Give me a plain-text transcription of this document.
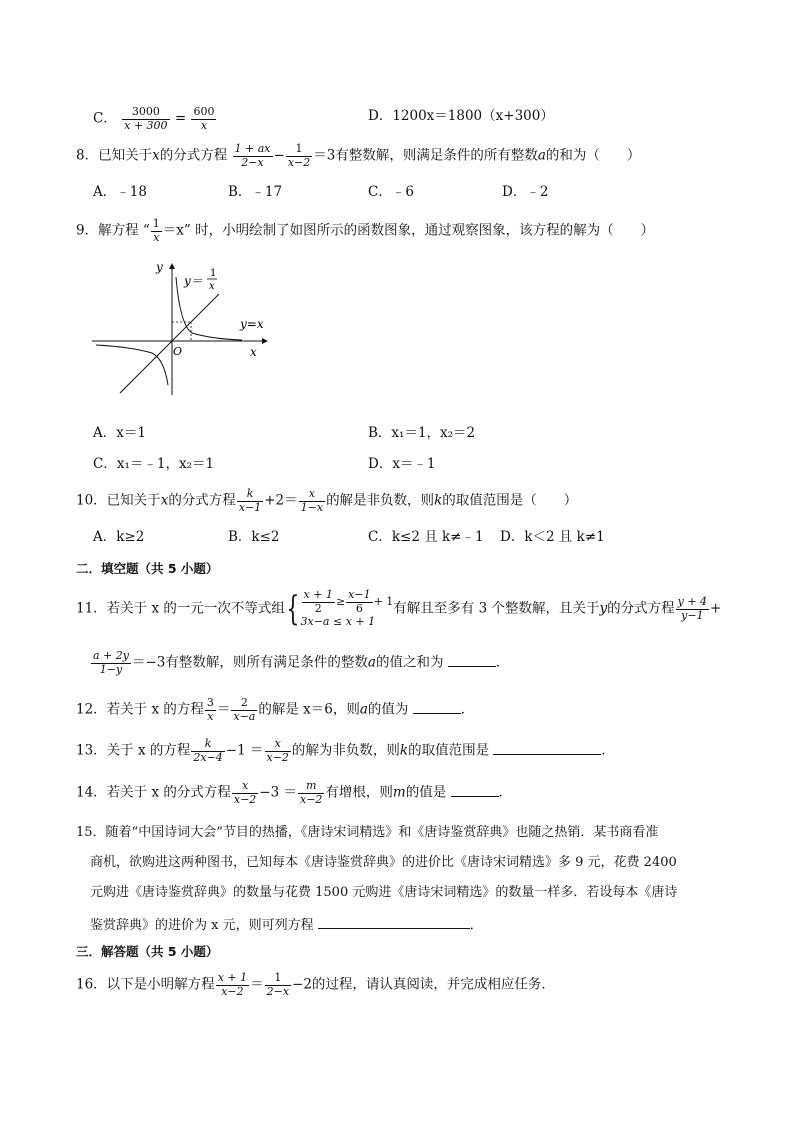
C． $\frac{3000}{x + 300} = \frac{600}{x}$	D．1200x＝1800（x+300）
8．已知关于x的分式方程 $\frac{1 + ax}{2-x} - \frac{1}{x-2} =3$有整数解，则满足条件的所有整数a的和为（　　）
A．﹣18	B．﹣17	C．﹣6	D．﹣2
9．解方程 “ $\frac{1}{x} =x$” 时，小明绘制了如图所示的函数图象，通过观察图象，该方程的解为（　　）
y
x
O
y＝
1
x
y=x
A．x＝1	B．x₁＝1，x₂＝2
C．x₁＝﹣1，x₂＝1	D．x＝﹣1
10．已知关于x的分式方程 $\frac{k}{x-1} +2= \frac{x}{1-x}$ 的解是非负数，则k的取值范围是（　　）
A．k≥2	B．k≤2	C．k≤2 且 k≠﹣1 D．k＜2 且 k≠1
二．填空题（共 5 小题）
11．若关于 x 的一元一次不等式组{ $\frac{x + 1}{2} \ge \frac{x-1}{6} + 1$
3x−a ≤ x + 1
有解且至多有 3 个整数解，且关于y的分式方程 $\frac{y + 4}{y-1}$ +
$\frac{a + 2y}{1-y} =-3$有整数解，则所有满足条件的整数a的值之和为	．
12．若关于 x 的方程 $\frac{3}{x} = \frac{2}{x-a}$ 的解是 x＝6，则a的值为	．
13．关于 x 的方程 $\frac{k}{2x-4} -1 = \frac{x}{x-2}$ 的解为非负数，则k的取值范围是	．
14．若关于 x 的分式方程 $\frac{x}{x-2} -3 = \frac{m}{x-2}$ 有增根，则m的值是	．
15．随着“中国诗词大会”节目的热播，《唐诗宋词精选》和《唐诗鉴赏辞典》也随之热销．某书商看准
商机，欲购进这两种图书，已知每本《唐诗鉴赏辞典》的进价比《唐诗宋词精选》多 9 元，花费 2400
元购进《唐诗鉴赏辞典》的数量与花费 1500 元购进《唐诗宋词精选》的数量一样多．若设每本《唐诗
鉴赏辞典》的进价为 x 元，则可列方程	．
三．解答题（共 5 小题）
16．以下是小明解方程 $\frac{x + 1}{x-2} = \frac{1}{2-x} -2$的过程，请认真阅读，并完成相应任务．
